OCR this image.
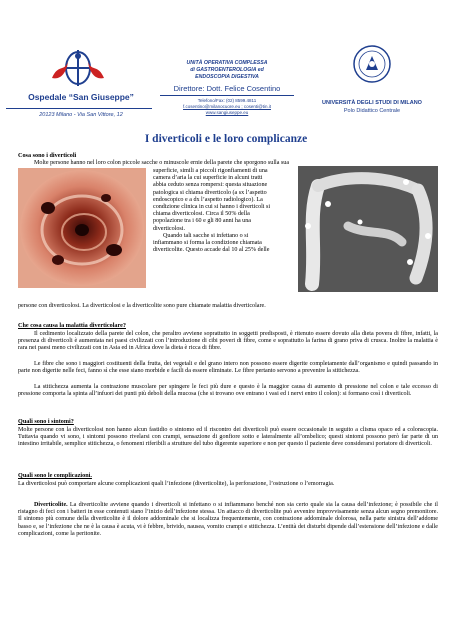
Ospedale “San Giuseppe”
20123 Milano - Via San Vittore, 12
UNITÀ OPERATIVA COMPLESSA
di GASTROENTEROLOGIA ed
ENDOSCOPIA DIGESTIVA
Direttore: Dott. Felice Cosentino
Telefono/Fax: (02) 8599.4811
f.cosentino@milanocuore.eu ; cosenti@tin.it
www.sangiuseppe.eu
UNIVERSITÀ DEGLI STUDI DI MILANO
Polo Didattico Centrale
I diverticoli e le loro complicanze
Cosa sono i diverticoli
Molte persone hanno nel loro colon piccole sacche o minuscole ernie della parete che sporgono sulla sua
superficie, simili a piccoli rigonfiamenti di una
camera d’aria la cui superficie in alcuni tratti
abbia ceduto senza rompersi: questa situazione
patologica si chiama diverticolo (a sx l’aspetto
endoscopico e a dx l’aspetto radiologico). La
condizione clinica in cui si hanno i diverticoli si
chiama diverticolosi. Circa il 50% della
popolazione tra i 60 e gli 80 anni ha una
diverticolosi.
Quando tali sacche si infettano o si
infiammano si forma la condizione chiamata
diverticolite. Questo accade dal 10 al 25% delle
persone con diverticolosi. La diverticolosi e la diverticolite sono pure chiamate malattia diverticolare.
Che cosa causa la malattia diverticolare?
Il cedimento localizzato della parete del colon, che peraltro avviene soprattutto in soggetti predisposti, è ritenuto essere dovuto alla dieta povera di fibre, infatti, la presenza di diverticoli è aumentata nei paesi civilizzati con l’introduzione di cibi poveri di fibre, come e soprattutto la farina di grano priva di crusca. Inoltre la malattia è rara nei paesi meno civilizzati con in Asia ed in Africa dove la dieta è ricca di fibre.
Le fibre che sono i maggiori costituenti della frutta, dei vegetali e del grano intero non possono essere digerite completamente dall’organismo e quindi passando in parte non digerite nelle feci, fanno sì che esse siano morbide e facili da essere eliminate. Le fibre pertanto servono a prevenire la stitichezza.
La stitichezza aumenta la contrazione muscolare per spingere le feci più dure e questo è la maggior causa di aumento di pressione nel colon e tale eccesso di pressione comporta la spinta all’infuori dei punti più deboli della mucosa (che si trovano ove entrano i vasi ed i nervi entro il colon): si formano così i diverticoli.
Quali sono i sintomi?
Molte persone con la diverticolosi non hanno alcun fastidio o sintomo ed il riscontro dei diverticoli può essere occasionale in seguito a clisma opaco ed a colonscopia. Tuttavia quando vi sono, i sintomi possono rivelarsi con crampi, sensazione di gonfiore sotto e lateralmente all’ombelico; questi sintomi possono però far parte di un intestino irritabile, semplice stitichezza, o fenomeni riferibili a strutture del tubo digerente superiore e non per questo il paziente deve considerarsi portatore di diverticoli.
Quali sono le complicazioni.
La diverticolosi può comportare alcune complicazioni quali l’infezione (diverticolite), la perforazione, l’ostruzione o l’emorragia.
Diverticolite. La diverticolite avviene quando i diverticoli si infettano o si infiammano benché non sia certo quale sia la causa dell’infezione; è possibile che il ristagno di feci con i batteri in esse contenuti siano l’inizio dell’infezione stessa. Un attacco di diverticolite può avvenire improvvisamente senza alcun segno premonitore. Il sintomo più comune della diverticolite è il dolore addominale che si localizza frequentemente, con contrazione addominale dolorosa, nella parte sinistra dell’addome basso e, se l’infezione che ne è la causa è acuta, vi è febbre, brivido, nausea, vomito crampi e stitichezza. L’entità dei disturbi dipende dall’estensione dell’infezione e dalle complicazioni, come la peritonite.
